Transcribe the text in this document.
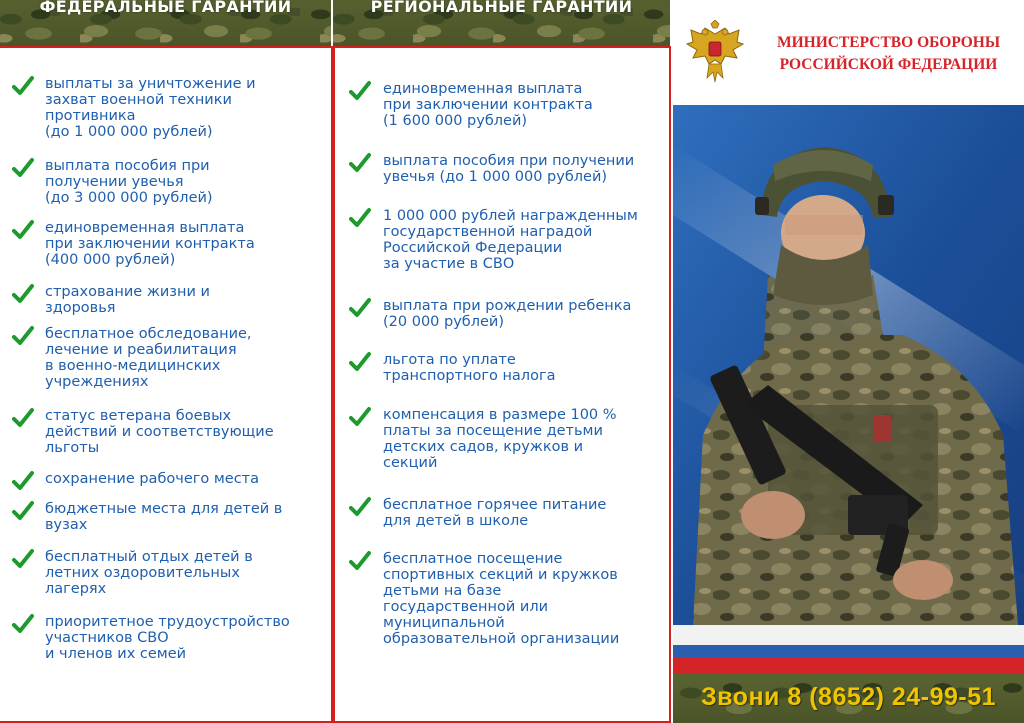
ФЕДЕРАЛЬНЫЕ ГАРАНТИИ	РЕГИОНАЛЬНЫЕ ГАРАНТИИ
выплаты за уничтожение и
захват военной техники
противника
(до 1 000 000 рублей)
выплата пособия при
получении увечья
(до 3 000 000 рублей)
единовременная выплата
при заключении контракта
(400 000 рублей)
страхование жизни и
здоровья
бесплатное обследование,
лечение и реабилитация
в военно-медицинских
учреждениях
статус ветерана боевых
действий и соответствующие
льготы
сохранение рабочего места
бюджетные места для детей в
вузах
бесплатный отдых детей в
летних оздоровительных
лагерях
приоритетное трудоустройство
участников СВО
и членов их семей
единовременная выплата
при заключении контракта
(1 600 000 рублей)
выплата пособия при получении
увечья (до 1 000 000 рублей)
1 000 000 рублей награжденным
государственной наградой
Российской Федерации
за участие в СВО
выплата при рождении ребенка
(20 000 рублей)
льгота по уплате
транспортного налога
компенсация в размере 100 %
платы за посещение детьми
детских садов, кружков и
секций
бесплатное горячее питание
для детей в школе
бесплатное посещение
спортивных секций и кружков
детьми на базе
государственной или
муниципальной
образовательной организации
МИНИСТЕРСТВО ОБОРОНЫ
РОССИЙСКОЙ ФЕДЕРАЦИИ
Звони 8 (8652) 24-99-51
